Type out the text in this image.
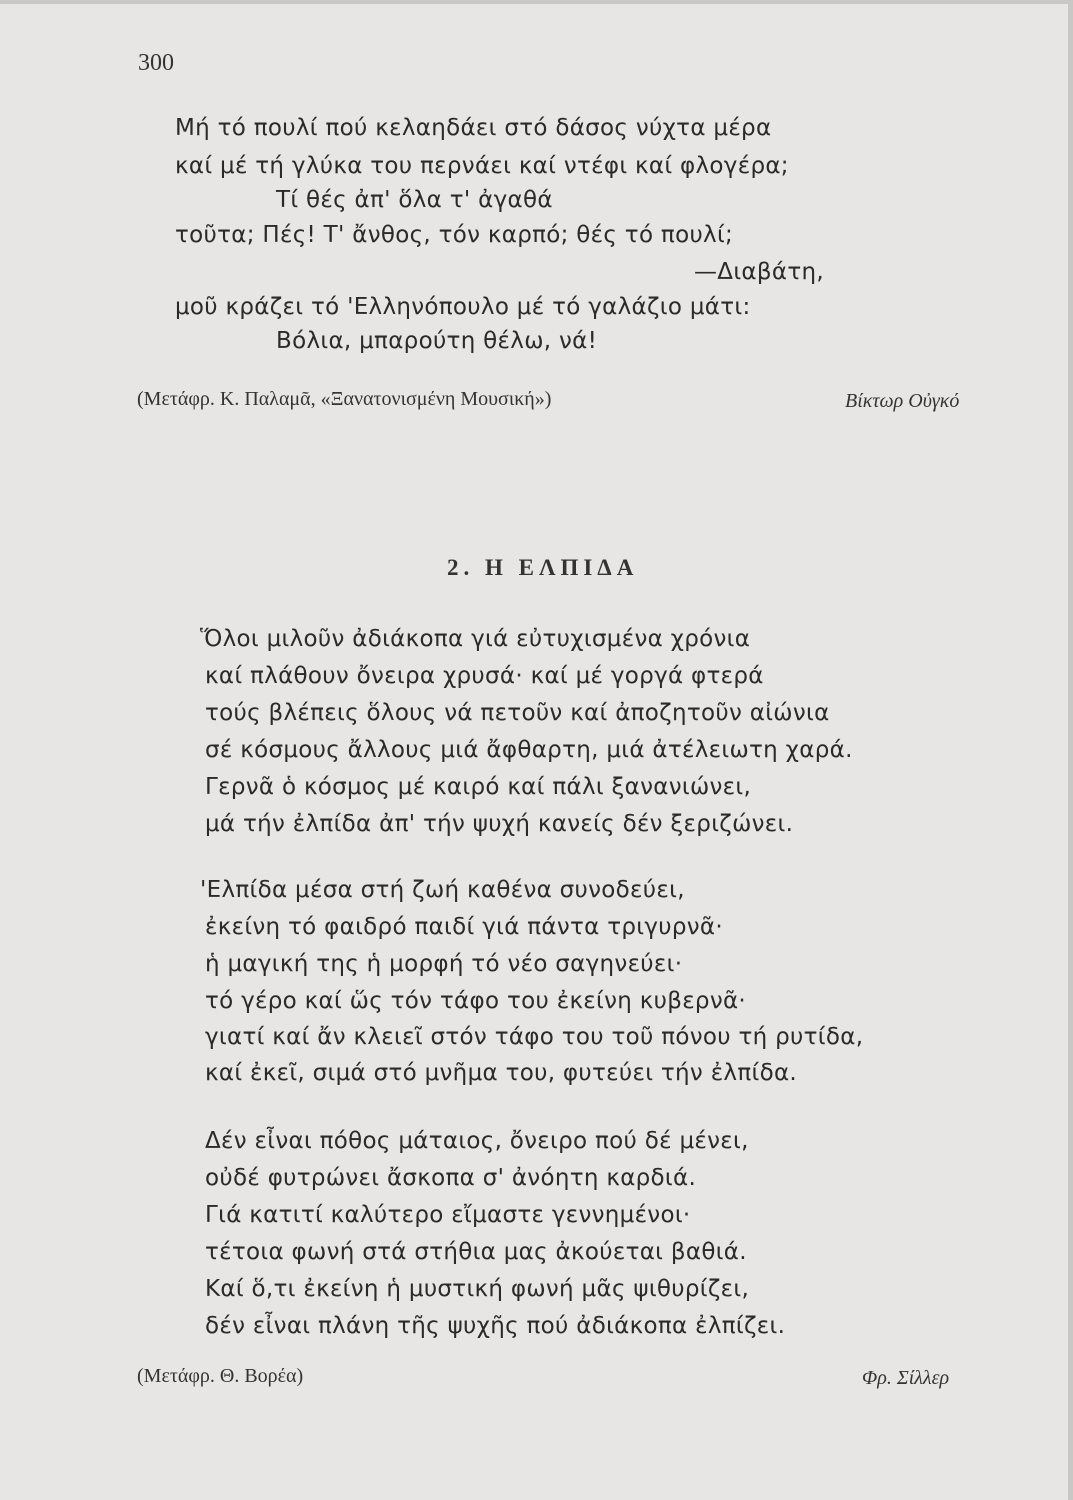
300
Μή τό πουλί πού κελαηδάει στό δάσος νύχτα μέρα
καί μέ τή γλύκα του περνάει καί ντέφι καί φλογέρα;
Τί θές ἀπ' ὅλα τ' ἀγαθά
τοῦτα; Πές! Τ' ἄνθος, τόν καρπό; θές τό πουλί;
—Διαβάτη,
μοῦ κράζει τό 'Ελληνόπουλο μέ τό γαλάζιο μάτι:
Βόλια, μπαρούτη θέλω, νά!
(Μετάφρ. Κ. Παλαμᾶ, «Ξανατονισμένη Μουσική»)	Βίκτωρ Οὐγκό
2. Η ΕΛΠΙΔΑ
Ὅλοι μιλοῦν ἀδιάκοπα γιά εὐτυχισμένα χρόνια
καί πλάθουν ὄνειρα χρυσά· καί μέ γοργά φτερά
τούς βλέπεις ὅλους νά πετοῦν καί ἀποζητοῦν αἰώνια
σέ κόσμους ἄλλους μιά ἄφθαρτη, μιά ἀτέλειωτη χαρά.
Γερνᾶ ὁ κόσμος μέ καιρό καί πάλι ξανανιώνει,
μά τήν ἐλπίδα ἀπ' τήν ψυχή κανείς δέν ξεριζώνει.
'Ελπίδα μέσα στή ζωή καθένα συνοδεύει,
ἐκείνη τό φαιδρό παιδί γιά πάντα τριγυρνᾶ·
ἡ μαγική της ἡ μορφή τό νέο σαγηνεύει·
τό γέρο καί ὥς τόν τάφο του ἐκείνη κυβερνᾶ·
γιατί καί ἄν κλειεῖ στόν τάφο του τοῦ πόνου τή ρυτίδα,
καί ἐκεῖ, σιμά στό μνῆμα του, φυτεύει τήν ἐλπίδα.
Δέν εἶναι πόθος μάταιος, ὄνειρο πού δέ μένει,
οὐδέ φυτρώνει ἄσκοπα σ' ἀνόητη καρδιά.
Γιά κατιτί καλύτερο εἴμαστε γεννημένοι·
τέτοια φωνή στά στήθια μας ἀκούεται βαθιά.
Καί ὅ,τι ἐκείνη ἡ μυστική φωνή μᾶς ψιθυρίζει,
δέν εἶναι πλάνη τῆς ψυχῆς πού ἀδιάκοπα ἐλπίζει.
(Μετάφρ. Θ. Βορέα)	Φρ. Σίλλερ
